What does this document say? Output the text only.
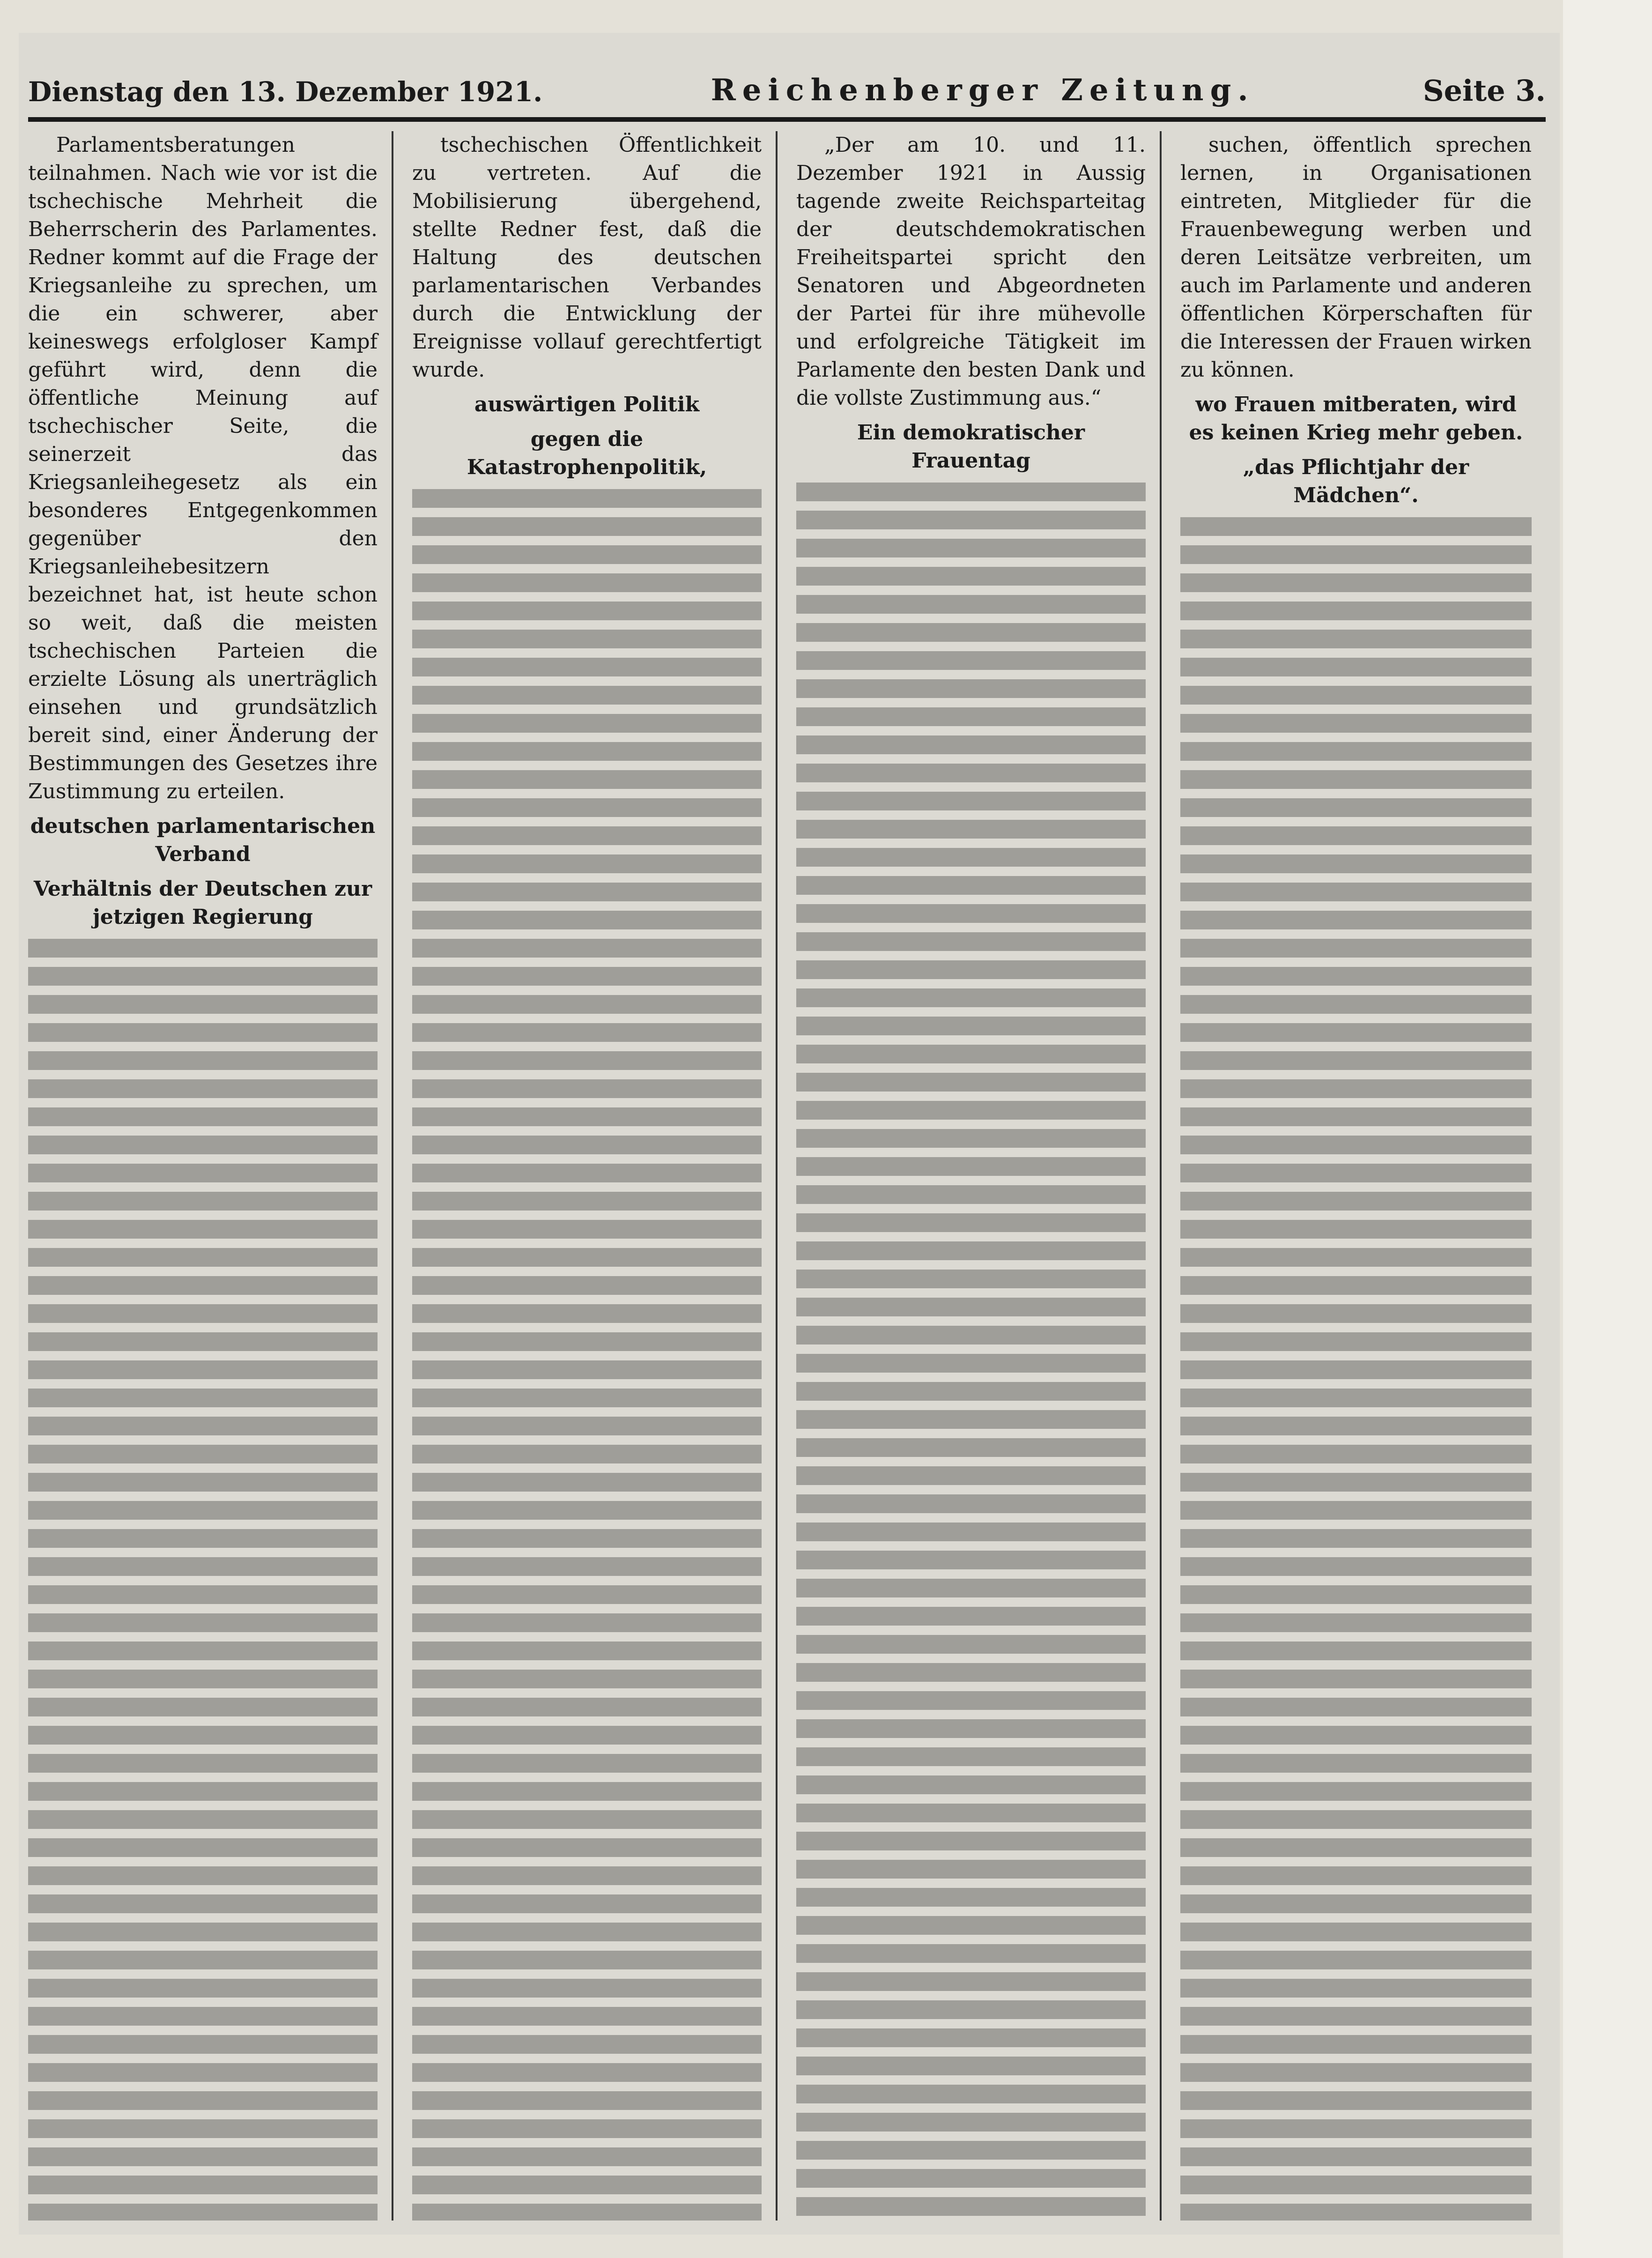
Dienstag den 13. Dezember 1921.	Reichenberger Zeitung.	Seite 3.

Parlamentsberatungen teilnahmen. Nach wie vor ist die tschechische Mehrheit die Beherrscherin des Parlamentes. Redner kommt auf die Frage der Kriegsanleihe zu sprechen, um die ein schwerer, aber keineswegs erfolgloser Kampf geführt wird, denn die öffentliche Meinung auf tschechischer Seite, die seinerzeit das Kriegsanleihegesetz als ein besonderes Entgegenkommen gegenüber den Kriegsanleihebesitzern bezeichnet hat, ist heute schon so weit, daß die meisten tschechischen Parteien die erzielte Lösung als unerträglich einsehen und grundsätzlich bereit sind, einer Änderung der Bestimmungen des Gesetzes ihre Zustimmung zu erteilen.

deutschen parlamentarischen Verband

Verhältnis der Deutschen zur jetzigen Regierung

tschechischen Öffentlichkeit zu vertreten. Auf die Mobilisierung übergehend, stellte Redner fest, daß die Haltung des deutschen parlamentarischen Verbandes durch die Entwicklung der Ereignisse vollauf gerechtfertigt wurde.

auswärtigen Politik

gegen die Katastrophenpolitik,

„Der am 10. und 11. Dezember 1921 in Aussig tagende zweite Reichsparteitag der deutschdemokratischen Freiheitspartei spricht den Senatoren und Abgeordneten der Partei für ihre mühevolle und erfolgreiche Tätigkeit im Parlamente den besten Dank und die vollste Zustimmung aus.“

Ein demokratischer Frauentag

suchen, öffentlich sprechen lernen, in Organisationen eintreten, Mitglieder für die Frauenbewegung werben und deren Leitsätze verbreiten, um auch im Parlamente und anderen öffentlichen Körperschaften für die Interessen der Frauen wirken zu können.

wo Frauen mitberaten, wird es keinen Krieg mehr geben.

„das Pflichtjahr der Mädchen“.
